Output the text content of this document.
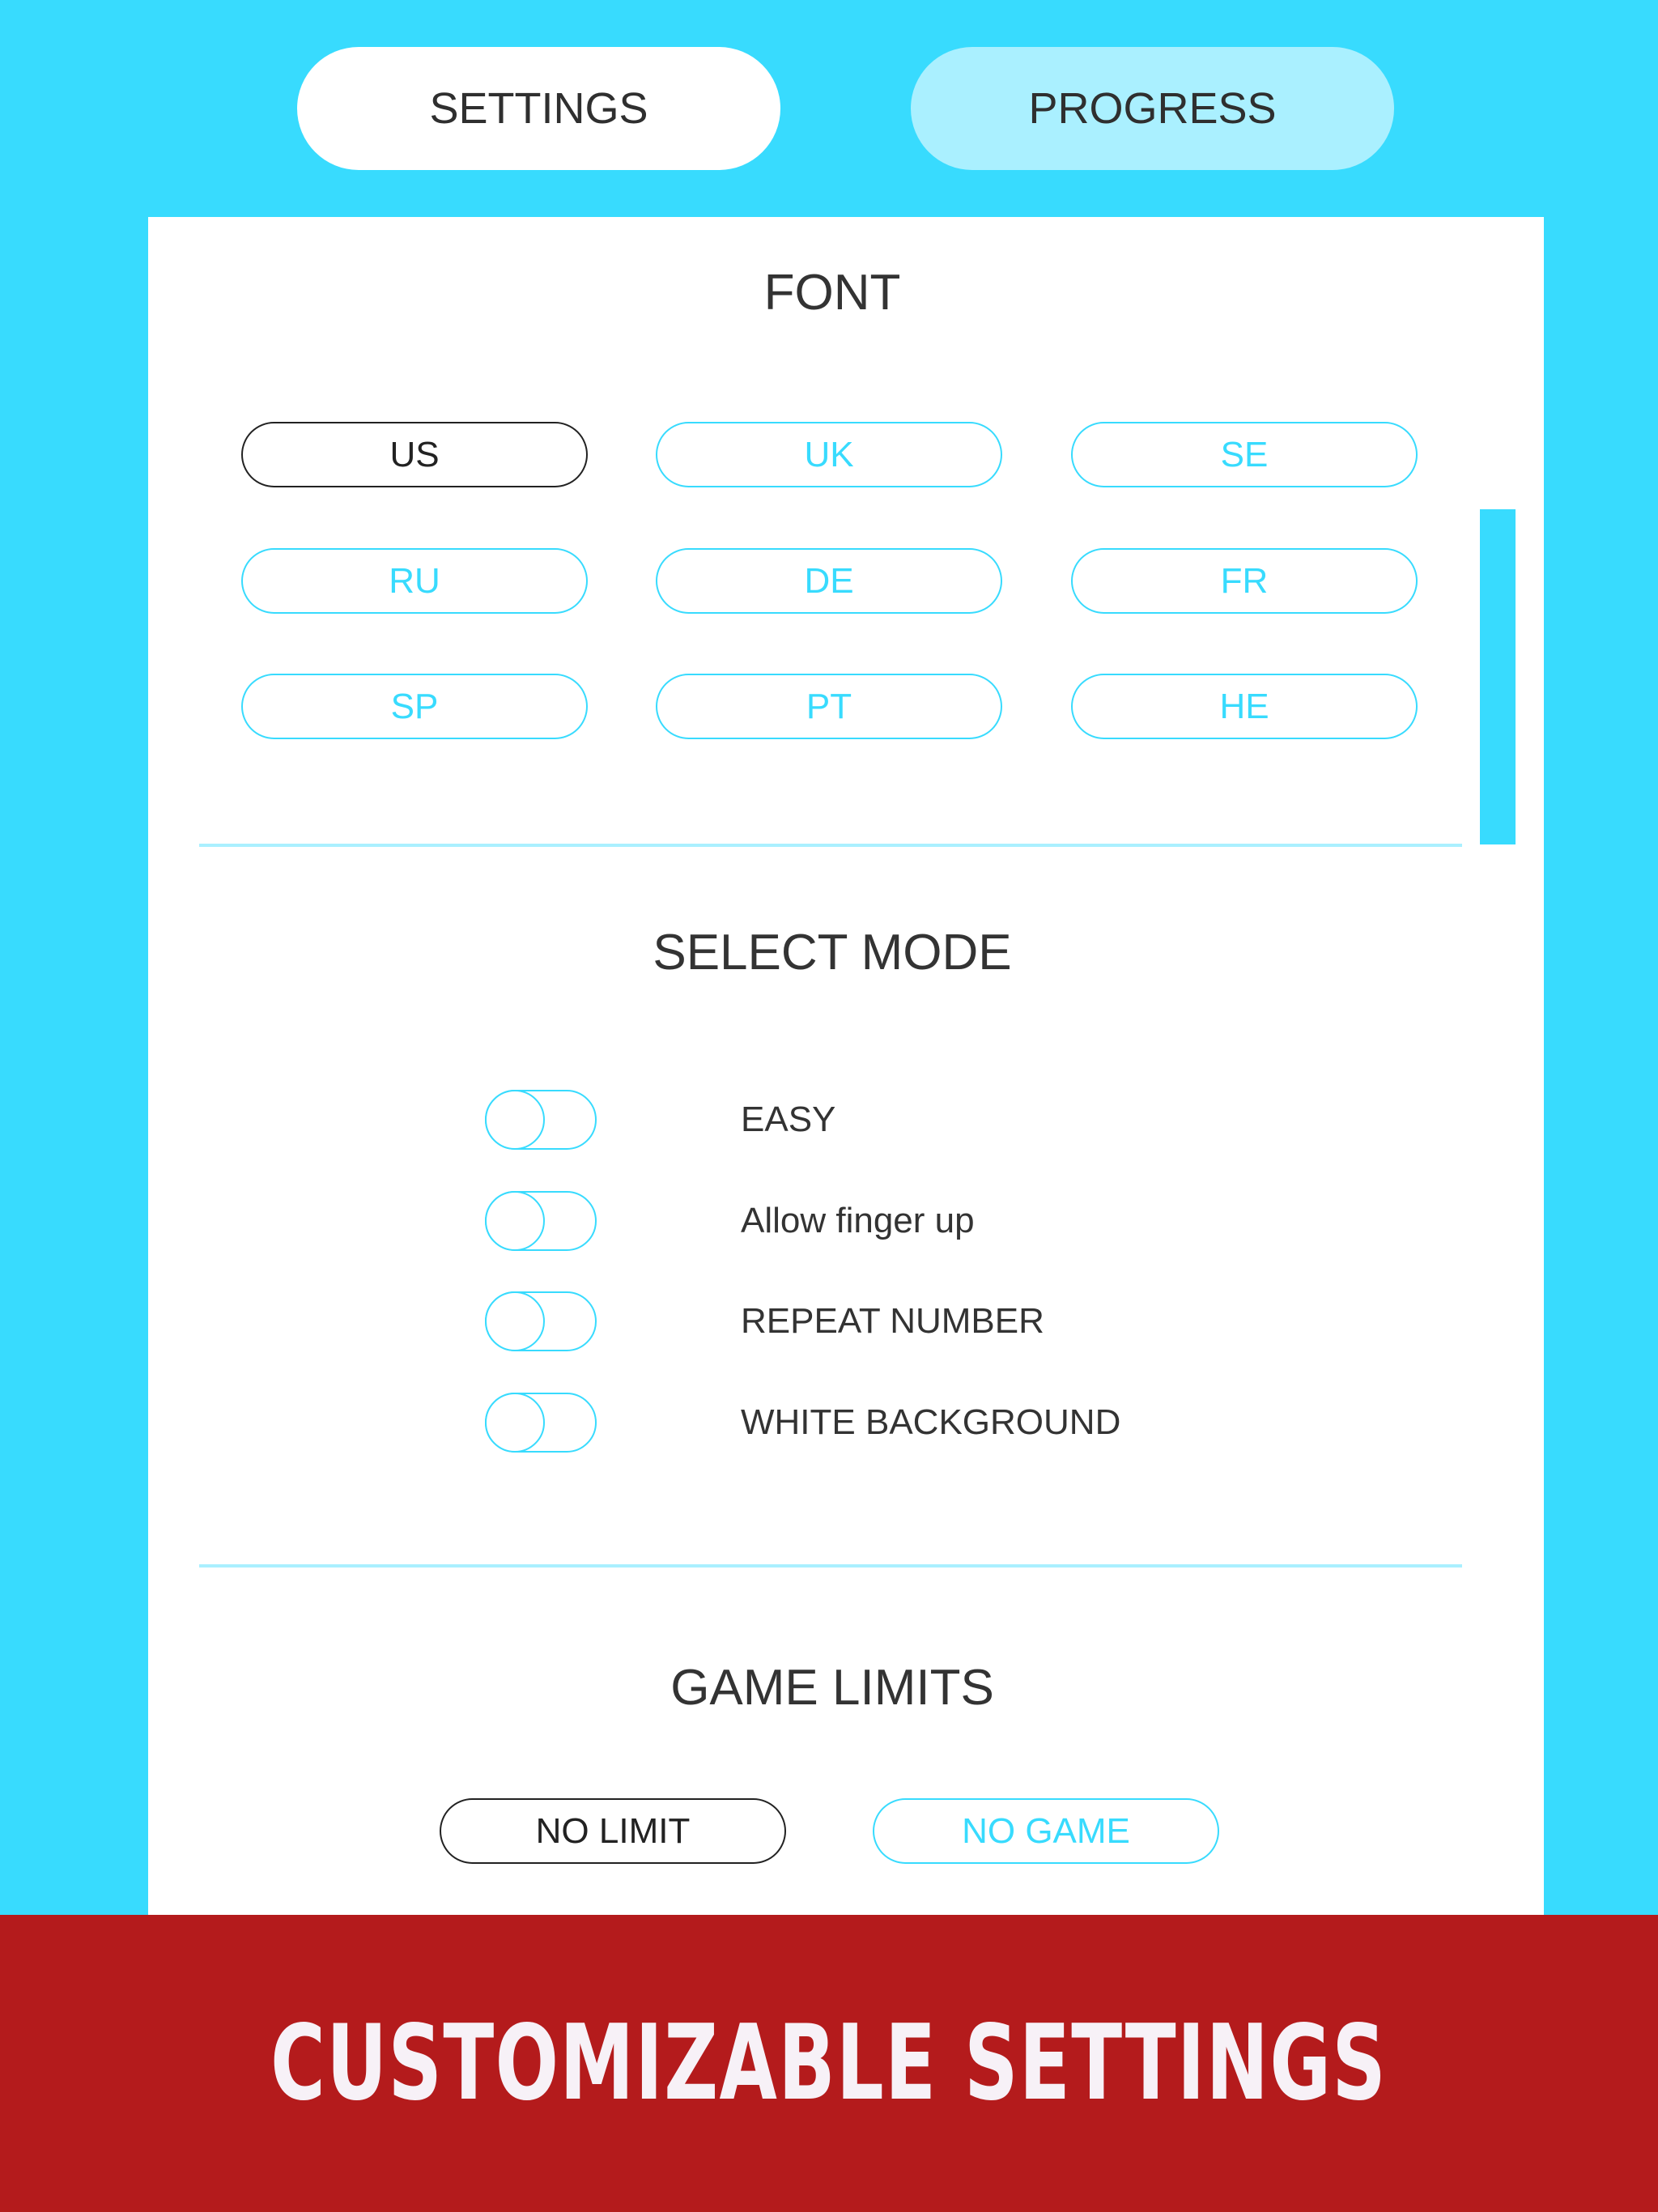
SETTINGS	PROGRESS
FONT
US	UK	SE
RU	DE	FR
SP	PT	HE
SELECT MODE
EASY
Allow finger up
REPEAT NUMBER
WHITE BACKGROUND
GAME LIMITS
NO LIMIT	NO GAME
CUSTOMIZABLE SETTINGS
